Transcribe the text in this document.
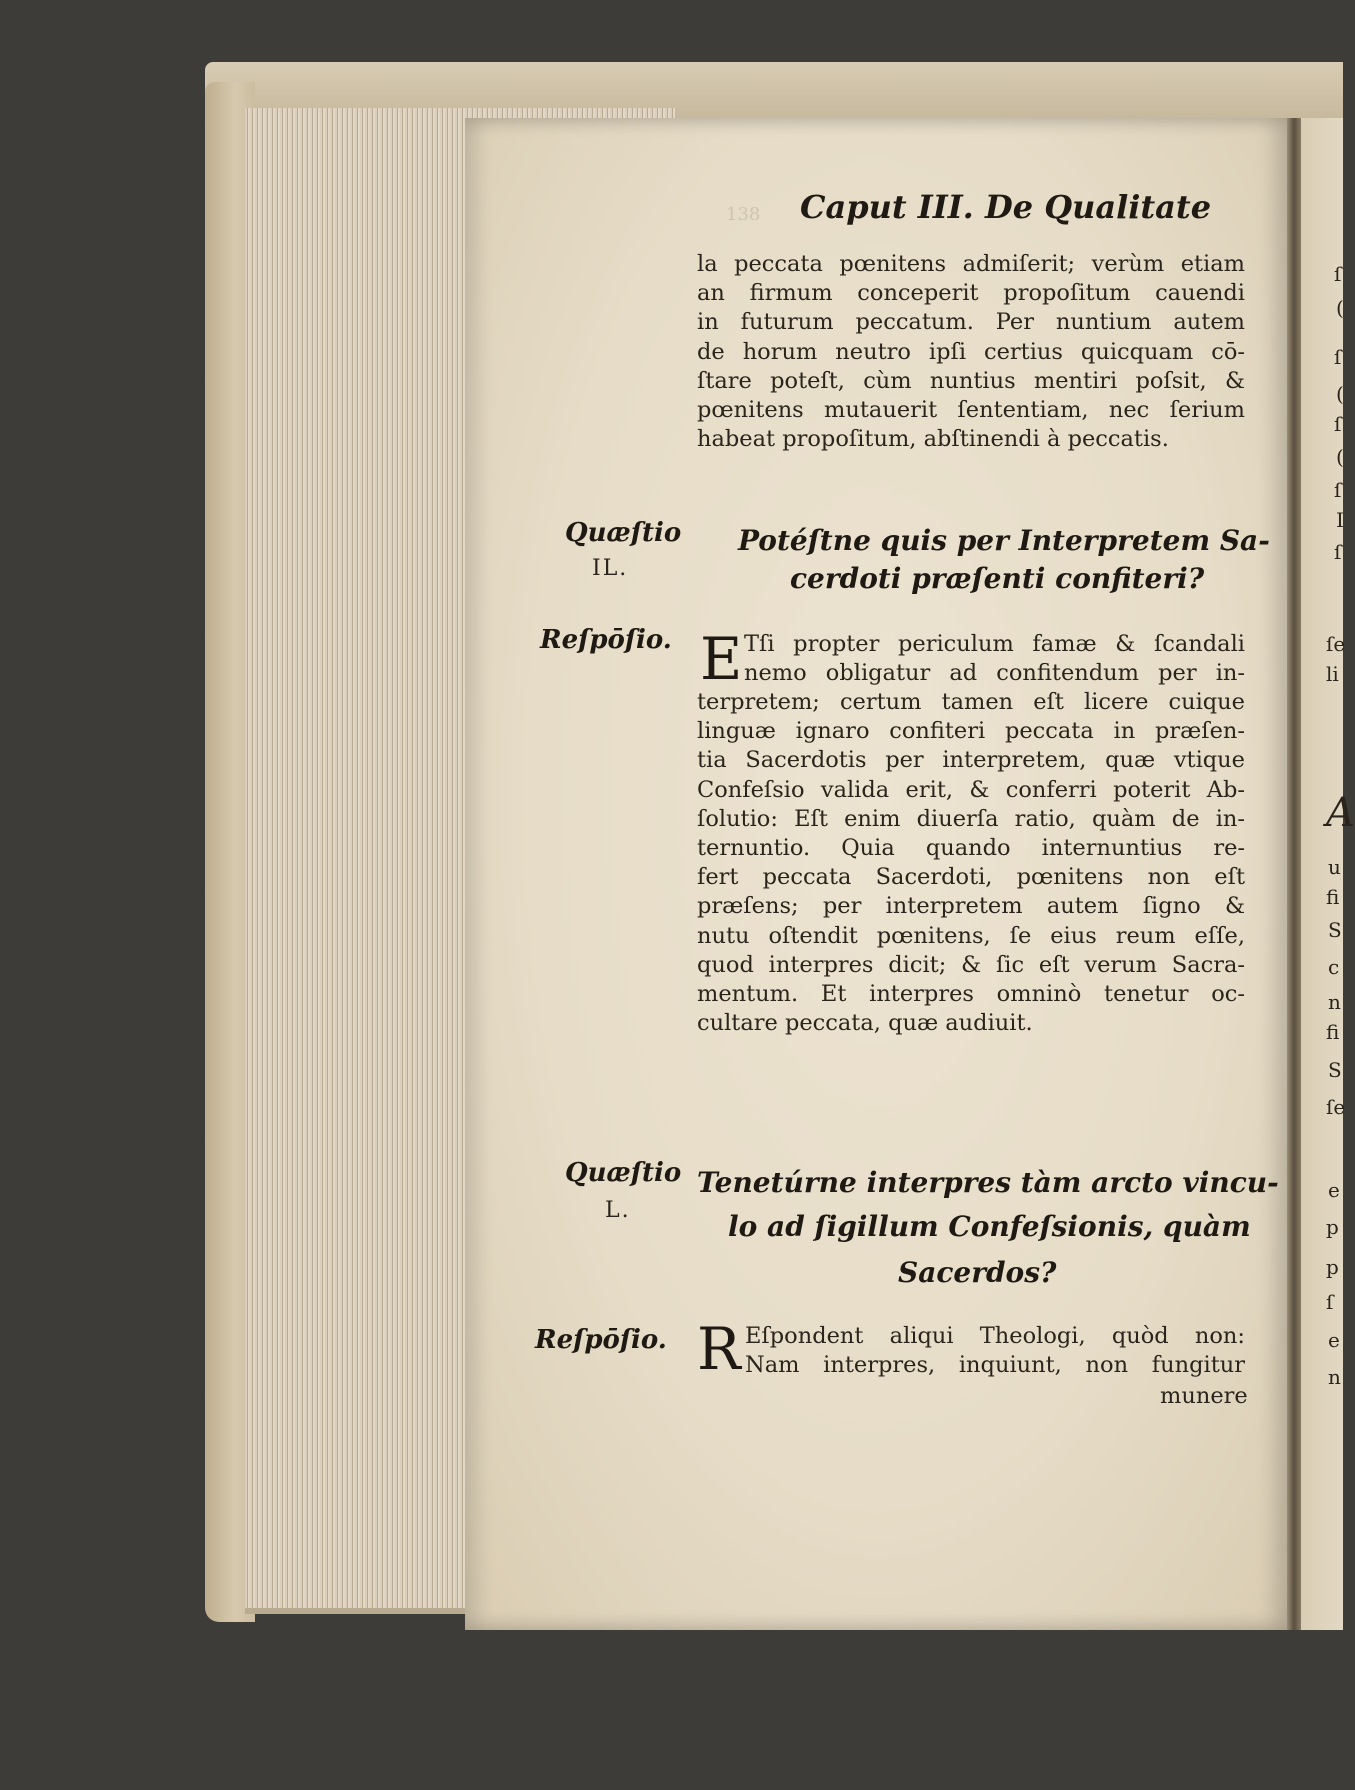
138 Caput III. De Qualitate
la peccata pœnitens admiſerit; verùm etiam
an firmum conceperit propoſitum cauendi
in futurum peccatum. Per nuntium autem
de horum neutro ipſi certius quicquam cō-
ſtare poteſt, cùm nuntius mentiri poſsit, &
pœnitens mutauerit ſententiam, nec ſerium
habeat propoſitum, abſtinendi à peccatis.
Quæſtio
IL.
Potéſtne quis per Interpretem Sa-
cerdoti præſenti confiteri?
Reſpōſio. E Tſi propter periculum famæ & ſcandali
nemo obligatur ad confitendum per in-
terpretem; certum tamen eſt licere cuique
linguæ ignaro confiteri peccata in præſen-
tia Sacerdotis per interpretem, quæ vtique
Confeſsio valida erit, & conferri poterit Ab-
ſolutio: Eſt enim diuerſa ratio, quàm de in-
ternuntio. Quia quando internuntius re-
fert peccata Sacerdoti, pœnitens non eſt
præſens; per interpretem autem ſigno &
nutu oſtendit pœnitens, ſe eius reum eſſe,
quod interpres dicit; & ſic eſt verum Sacra-
mentum. Et interpres omninò tenetur oc-
cultare peccata, quæ audiuit.
Quæſtio
L.
Tenetúrne interpres tàm arcto vincu-
lo ad ſigillum Confeſsionis, quàm
Sacerdos?
Reſpōſio. R Eſpondent aliqui Theologi, quòd non:
Nam interpres, inquiunt, non fungitur
munere
ſ
(
ſ
(
ſ
(
ſ
I
ſ
ſe
li
A
u
fi
S
c
n
fi
S
ſe
e
p
p
ſ
e
n
